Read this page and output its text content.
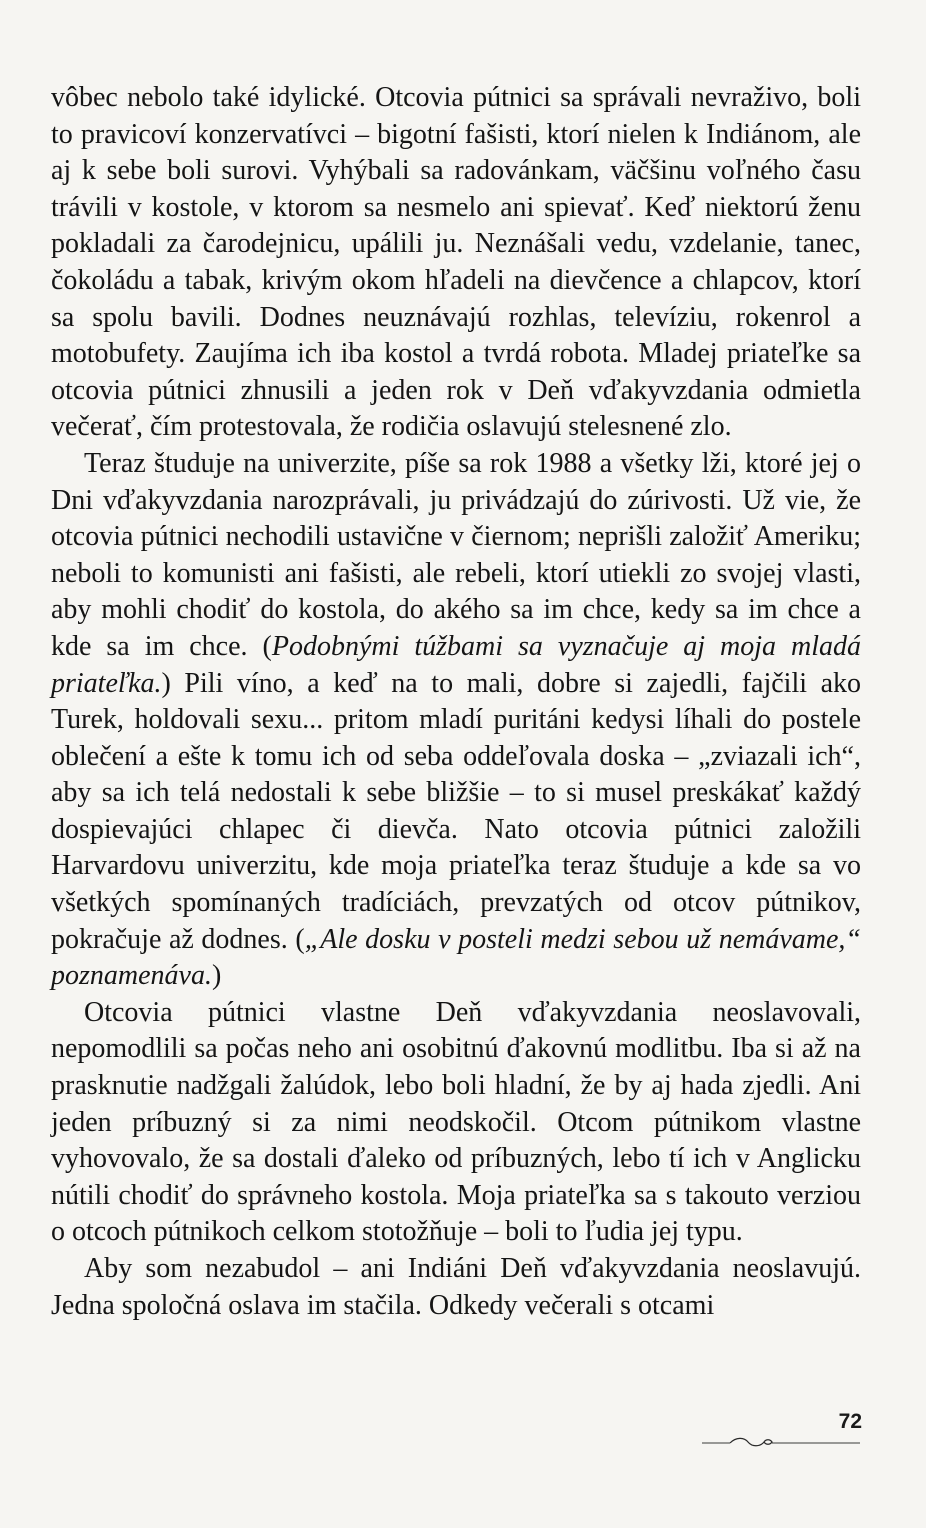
vôbec nebolo také idylické. Otcovia pútnici sa správali nevraživo, boli to pravicoví konzervatívci – bigotní fašisti, ktorí nielen k Indiánom, ale aj k sebe boli surovi. Vyhýbali sa radovánkam, väčšinu voľného času trávili v kostole, v ktorom sa nesmelo ani spievať. Keď niektorú ženu pokladali za čarodejnicu, upálili ju. Neznášali vedu, vzdelanie, tanec, čokoládu a tabak, krivým okom hľadeli na dievčence a chlapcov, ktorí sa spolu bavili. Dodnes neuznávajú rozhlas, televíziu, rokenrol a motobufety. Zaujíma ich iba kostol a tvrdá robota. Mladej priateľke sa otcovia pútnici zhnusili a jeden rok v Deň vďakyvzdania odmietla večerať, čím protestovala, že rodičia oslavujú stelesnené zlo.

Teraz študuje na univerzite, píše sa rok 1988 a všetky lži, ktoré jej o Dni vďakyvzdania narozprávali, ju privádzajú do zúrivosti. Už vie, že otcovia pútnici nechodili ustavične v čiernom; neprišli založiť Ameriku; neboli to komunisti ani fašisti, ale rebeli, ktorí utiekli zo svojej vlasti, aby mohli chodiť do kostola, do akého sa im chce, kedy sa im chce a kde sa im chce. (Podobnými túžbami sa vyznačuje aj moja mladá priateľka.) Pili víno, a keď na to mali, dobre si zajedli, fajčili ako Turek, holdovali sexu... pritom mladí puritáni kedysi líhali do postele oblečení a ešte k tomu ich od seba oddeľovala doska – „zviazali ich“, aby sa ich telá nedostali k sebe bližšie – to si musel preskákať každý dospievajúci chlapec či dievča. Nato otcovia pútnici založili Harvardovu univerzitu, kde moja priateľka teraz študuje a kde sa vo všetkých spomínaných tradíciách, prevzatých od otcov pútnikov, pokračuje až dodnes. („Ale dosku v posteli medzi sebou už nemávame,“ poznamenáva.)

Otcovia pútnici vlastne Deň vďakyvzdania neoslavovali, nepomodlili sa počas neho ani osobitnú ďakovnú modlitbu. Iba si až na prasknutie nadžgali žalúdok, lebo boli hladní, že by aj hada zjedli. Ani jeden príbuzný si za nimi neodskočil. Otcom pútnikom vlastne vyhovovalo, že sa dostali ďaleko od príbuzných, lebo tí ich v Anglicku nútili chodiť do správneho kostola. Moja priateľka sa s takouto verziou o otcoch pútnikoch celkom stotožňuje – boli to ľudia jej typu.

Aby som nezabudol – ani Indiáni Deň vďakyvzdania neoslavujú. Jedna spoločná oslava im stačila. Odkedy večerali s otcami

72
